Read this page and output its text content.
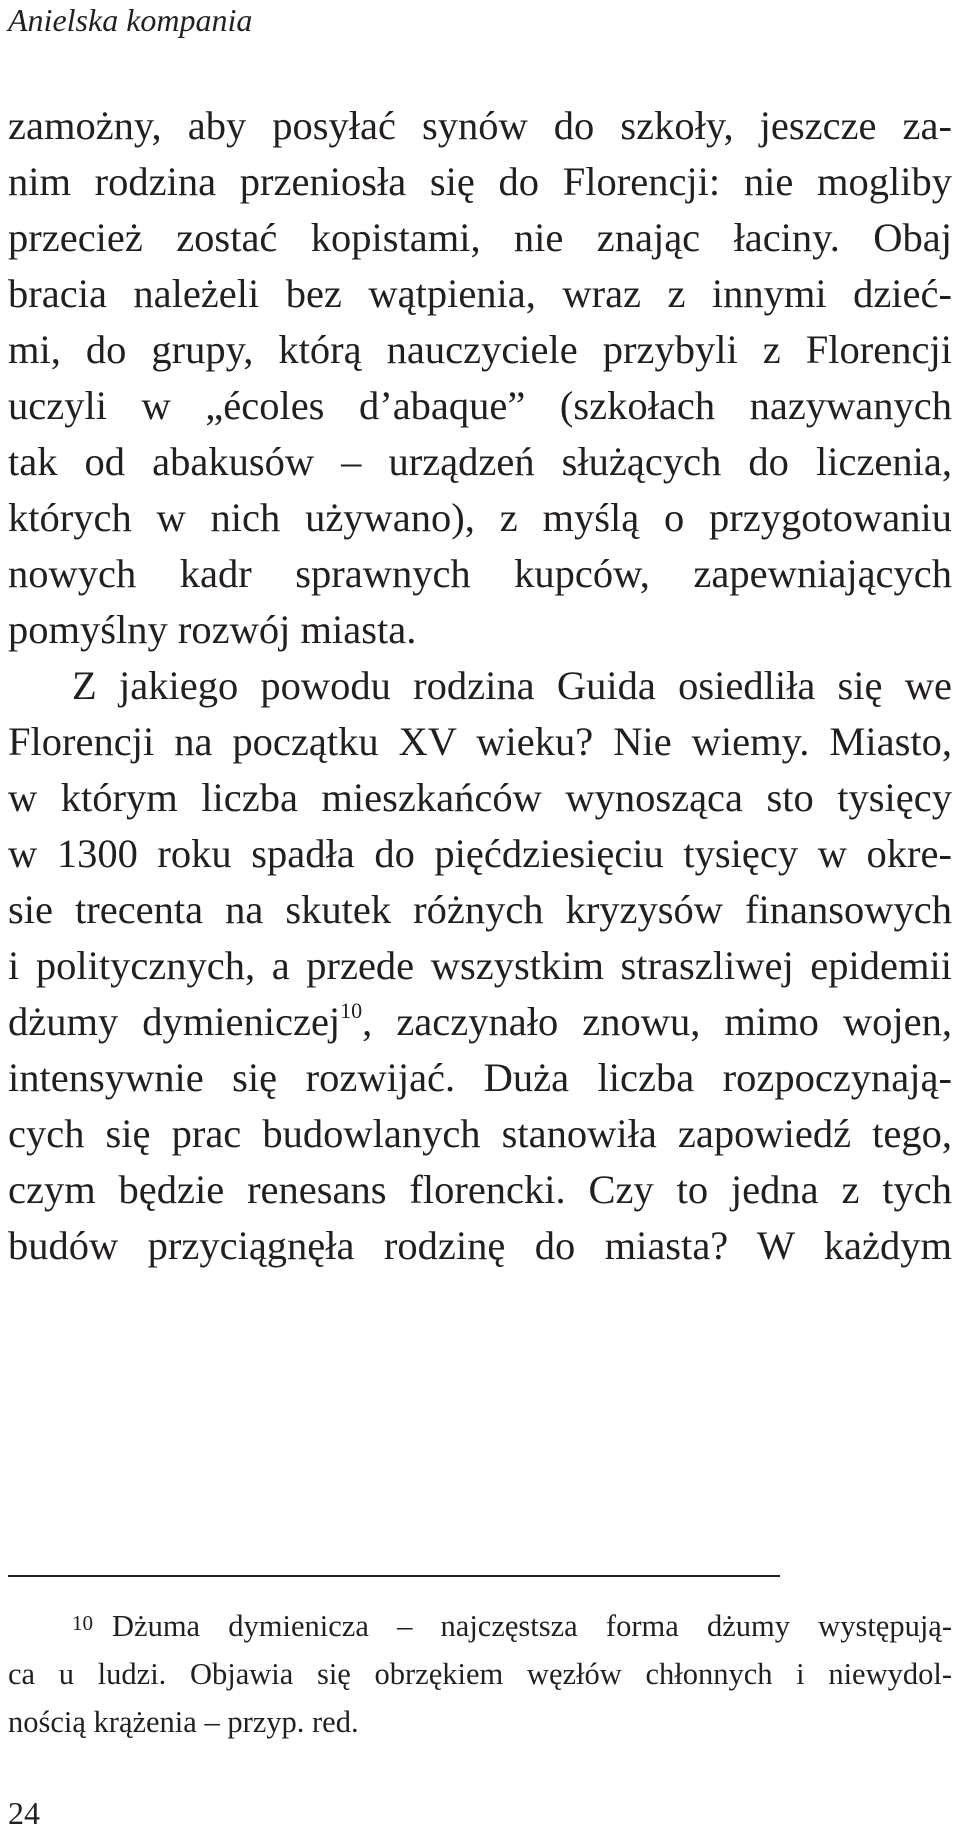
Anielska kompania
zamożny, aby posyłać synów do szkoły, jeszcze za-
nim rodzina przeniosła się do Florencji: nie mogliby
przecież zostać kopistami, nie znając łaciny. Obaj
bracia należeli bez wątpienia, wraz z innymi dzieć-
mi, do grupy, którą nauczyciele przybyli z Florencji
uczyli w „écoles d’abaque” (szkołach nazywanych
tak od abakusów – urządzeń służących do liczenia,
których w nich używano), z myślą o przygotowaniu
nowych kadr sprawnych kupców, zapewniających
pomyślny rozwój miasta.
Z jakiego powodu rodzina Guida osiedliła się we
Florencji na początku XV wieku? Nie wiemy. Miasto,
w którym liczba mieszkańców wynosząca sto tysięcy
w 1300 roku spadła do pięćdziesięciu tysięcy w okre-
sie trecenta na skutek różnych kryzysów finansowych
i politycznych, a przede wszystkim straszliwej epidemii
dżumy dymieniczej$^{10}$, zaczynało znowu, mimo wojen,
intensywnie się rozwijać. Duża liczba rozpoczynają-
cych się prac budowlanych stanowiła zapowiedź tego,
czym będzie renesans florencki. Czy to jedna z tych
budów przyciągnęła rodzinę do miasta? W każdym
10 Dżuma dymienicza – najczęstsza forma dżumy występują-
ca u ludzi. Objawia się obrzękiem węzłów chłonnych i niewydol-
nością krążenia – przyp. red.
24
